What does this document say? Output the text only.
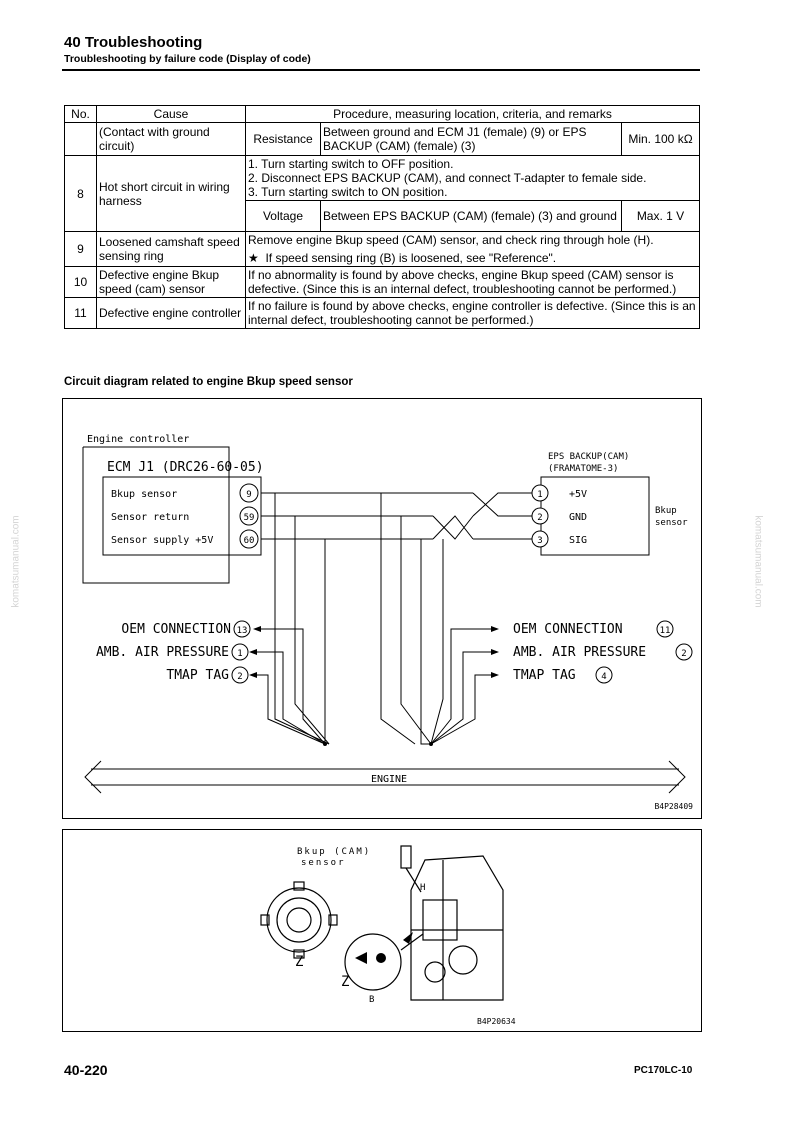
40 Troubleshooting
Troubleshooting by failure code (Display of code)
No.	Cause	Procedure, measuring location, criteria, and remarks		
	(Contact with ground circuit)	Resistance	Between ground and ECM J1 (female) (9) or EPS BACKUP (CAM) (female) (3)	Min. 100 kΩ
8	Hot short circuit in wiring harness	1. Turn starting switch to OFF position.
2. Disconnect EPS BACKUP (CAM), and connect T-adapter to female side.
3. Turn starting switch to ON position.		

		Voltage	Between EPS BACKUP (CAM) (female) (3) and ground	Max. 1 V
9	Loosened camshaft speed sensing ring	Remove engine Bkup speed (CAM) sensor, and check ring through hole (H).
★ If speed sensing ring (B) is loosened, see "Reference".		

10	Defective engine Bkup speed (cam) sensor	If no abnormality is found by above checks, engine Bkup speed (CAM) sensor is defective. (Since this is an internal defect, troubleshooting cannot be performed.)		
11	Defective engine controller	If no failure is found by above checks, engine controller is defective. (Since this is an internal defect, troubleshooting cannot be performed.)		
Circuit diagram related to engine Bkup speed sensor
Engine controller
ECM J1 (DRC26-60-05)
Bkup sensor
Sensor return
Sensor supply +5V
9
59
60
EPS BACKUP(CAM)
(FRAMATOME-3)
1
2
3
+5V
GND
SIG
Bkup
sensor
OEM CONNECTION
AMB. AIR PRESSURE
TMAP TAG
13
1
2
OEM CONNECTION
AMB. AIR PRESSURE
TMAP TAG
11
2
4
ENGINE
B4P28409
Bkup (CAM)
sensor
H
Z
Z
B
B4P20634
40-220	PC170LC-10
komatsumanual.com	komatsumanual.com
